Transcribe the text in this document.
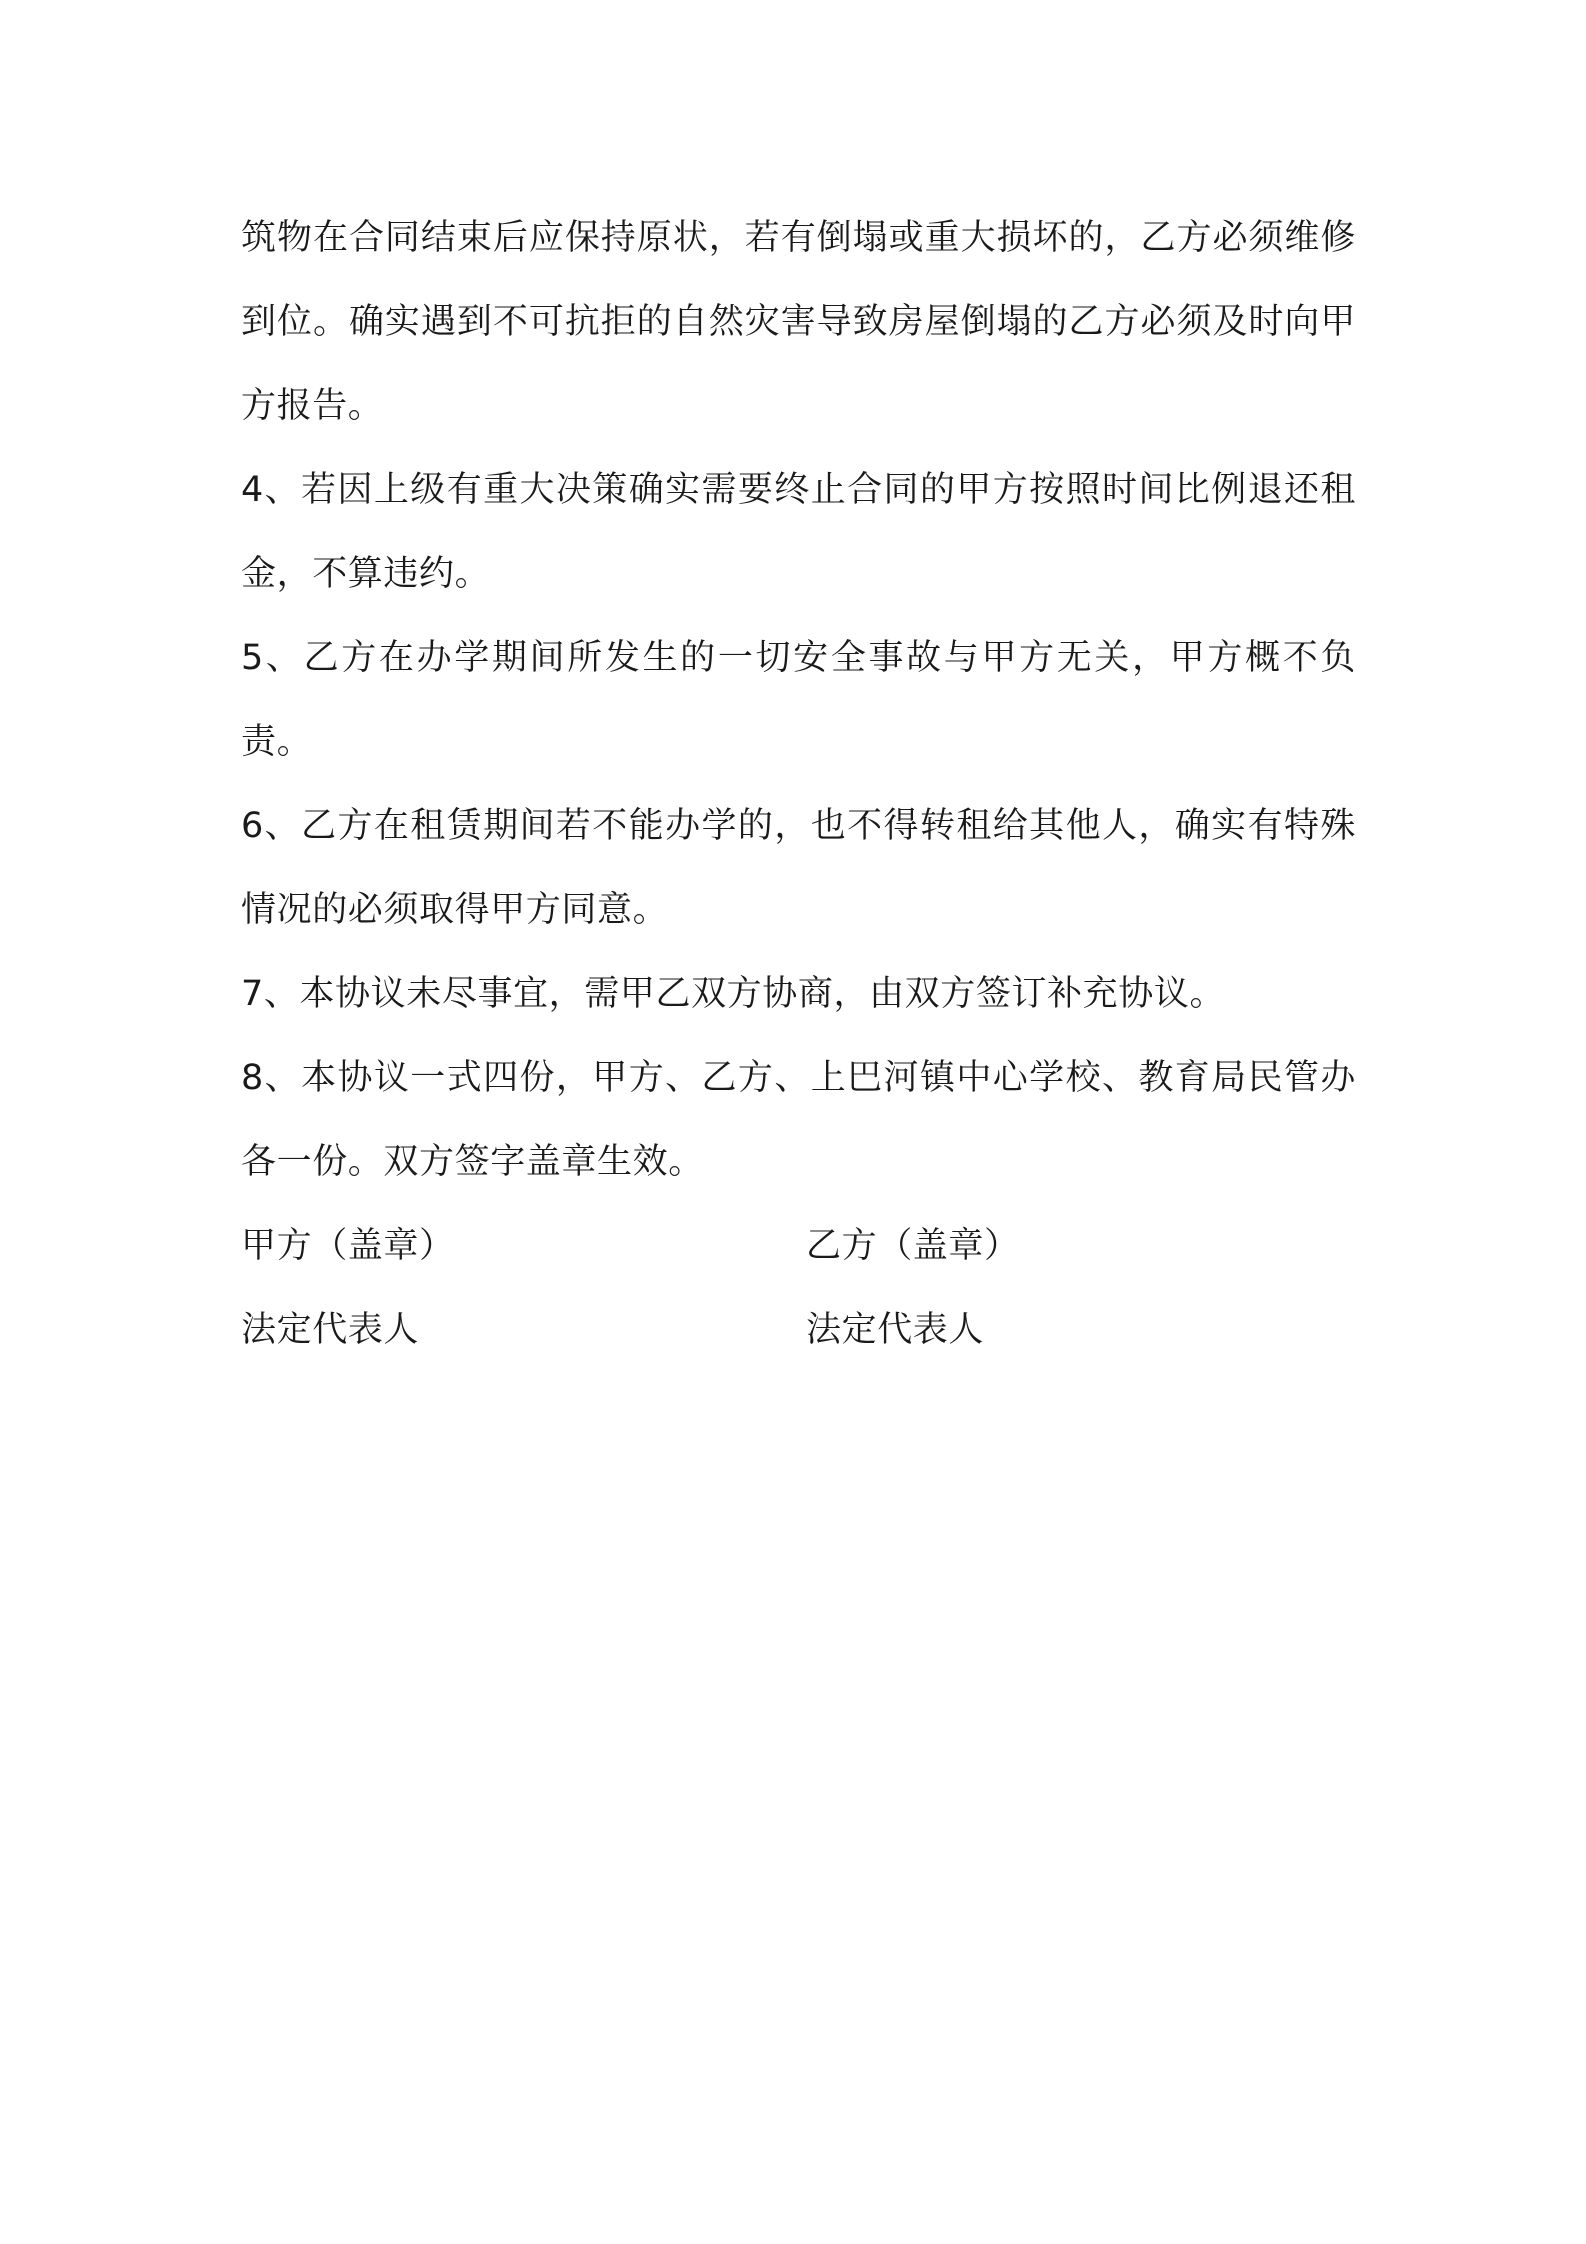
筑物在合同结束后应保持原状，若有倒塌或重大损坏的，乙方必须维修到位。确实遇到不可抗拒的自然灾害导致房屋倒塌的乙方必须及时向甲方报告。

4、若因上级有重大决策确实需要终止合同的甲方按照时间比例退还租金，不算违约。

5、乙方在办学期间所发生的一切安全事故与甲方无关，甲方概不负责。

6、乙方在租赁期间若不能办学的，也不得转租给其他人，确实有特殊情况的必须取得甲方同意。

7、本协议未尽事宜，需甲乙双方协商，由双方签订补充协议。

8、本协议一式四份，甲方、乙方、上巴河镇中心学校、教育局民管办各一份。双方签字盖章生效。

甲方（盖章）	乙方（盖章）
法定代表人	法定代表人
